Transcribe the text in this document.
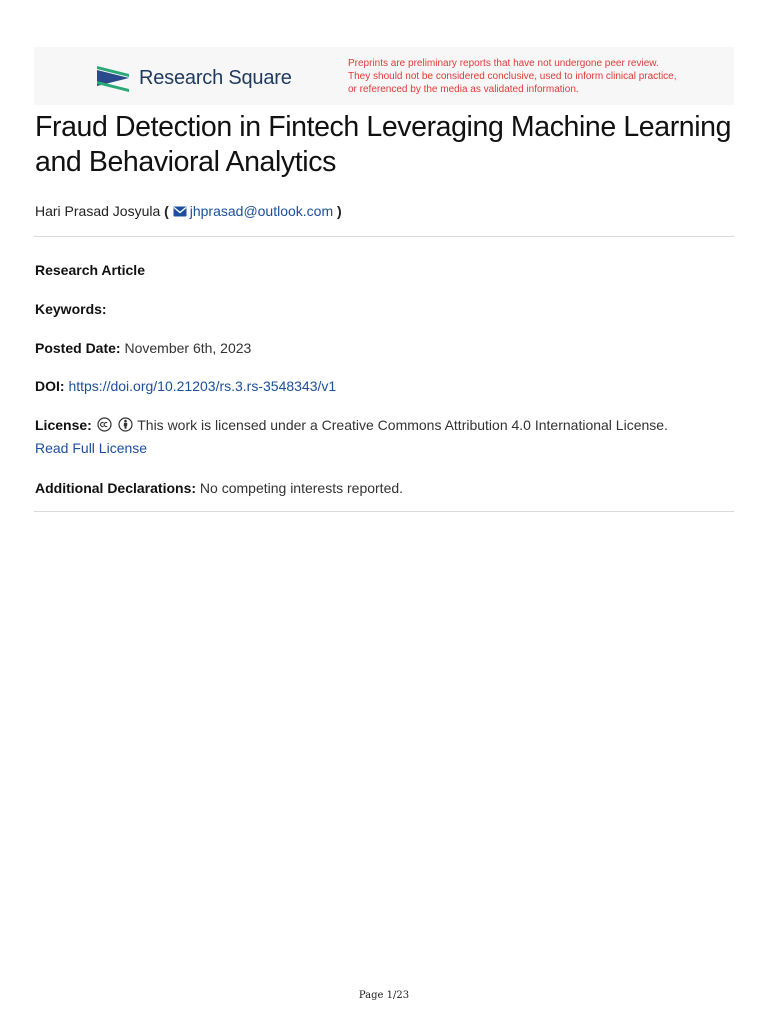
Research Square
Preprints are preliminary reports that have not undergone peer review.
They should not be considered conclusive, used to inform clinical practice,
or referenced by the media as validated information.
Fraud Detection in Fintech Leveraging Machine Learning and Behavioral Analytics
Hari Prasad Josyula ( jhprasad@outlook.com )
Research Article
Keywords:
Posted Date: November 6th, 2023
DOI: https://doi.org/10.21203/rs.3.rs-3548343/v1
License:	This work is licensed under a Creative Commons Attribution 4.0 International License.
Read Full License
Additional Declarations: No competing interests reported.
Page 1/23
